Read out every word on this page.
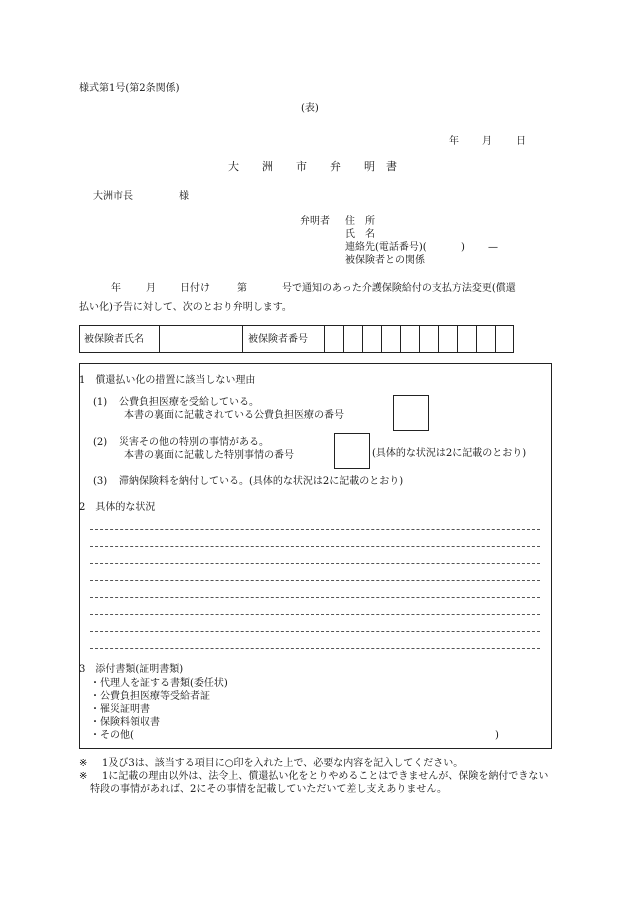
様式第1号(第2条関係)
(表)
年 月 日
大 洲 市 弁 明 書
大洲市長	様
弁明者 住　所
氏　名
連絡先(電話番号)(	) —
被保険者との関係
年	月 日付け	第	号で通知のあった介護保険給付の支払方法変更(償還
払い化)予告に対して、次のとおり弁明します。
被保険者氏名	被保険者番号
1　償還払い化の措置に該当しない理由
(1) 公費負担医療を受給している。
本書の裏面に記載されている公費負担医療の番号
(2) 災害その他の特別の事情がある。
本書の裏面に記載した特別事情の番号	(具体的な状況は2に記載のとおり)
(3) 滞納保険料を納付している。(具体的な状況は2に記載のとおり)
2　具体的な状況
3　添付書類(証明書類)
・代理人を証する書類(委任状)
・公費負担医療等受給者証
・罹災証明書
・保険料領収書
・その他(	)
※ 1及び3は、該当する項目に○印を入れた上で、必要な内容を記入してください。
※	1に記載の理由以外は、法令上、償還払い化をとりやめることはできませんが、保険を納付できない特段の事情があれば、2にその事情を記載していただいて差し支えありません。
